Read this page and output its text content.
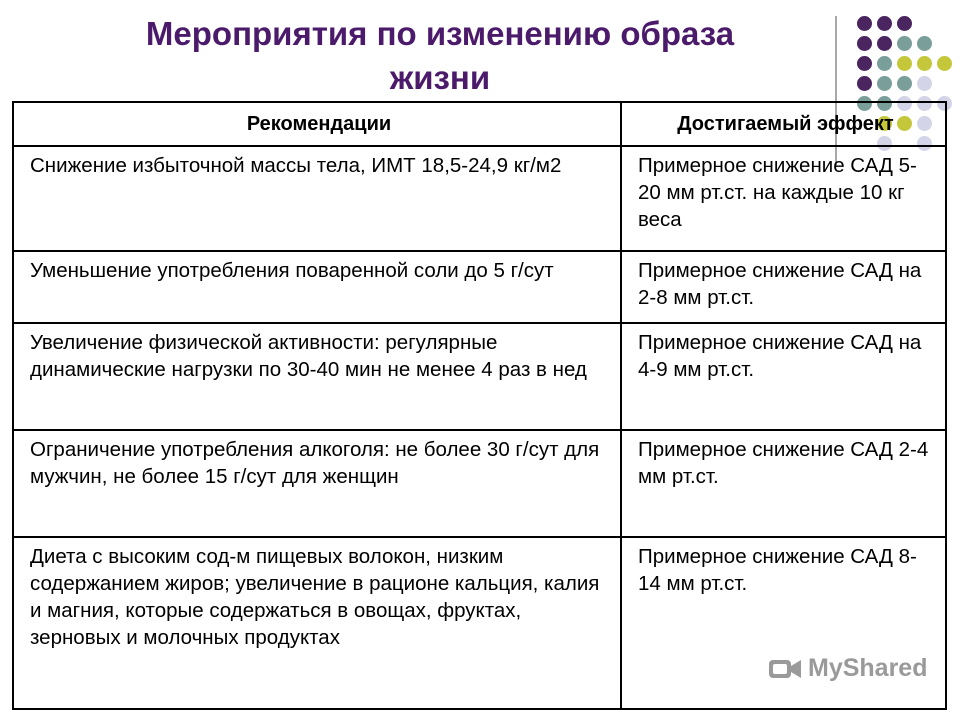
Мероприятия по изменению образа
жизни
Рекомендации	Достигаемый эффект
Снижение избыточной массы тела, ИМТ 18,5-24,9 кг/м2	Примерное снижение САД 5-20 мм рт.ст. на каждые 10 кг веса
Уменьшение употребления поваренной соли до 5 г/сут	Примерное снижение САД на 2-8 мм рт.ст.
Увеличение физической активности: регулярные динамические нагрузки по 30-40 мин не менее 4 раз в нед	Примерное снижение САД на 4-9 мм рт.ст.
Ограничение употребления алкоголя: не более 30 г/сут для мужчин, не более 15 г/сут для женщин	Примерное снижение САД 2-4 мм рт.ст.
Диета с высоким сод-м пищевых волокон, низким содержанием жиров; увеличение в рационе кальция, калия и магния, которые содержаться в овощах, фруктах, зерновых и молочных продуктах	Примерное снижение САД 8-14 мм рт.ст.
MyShared
